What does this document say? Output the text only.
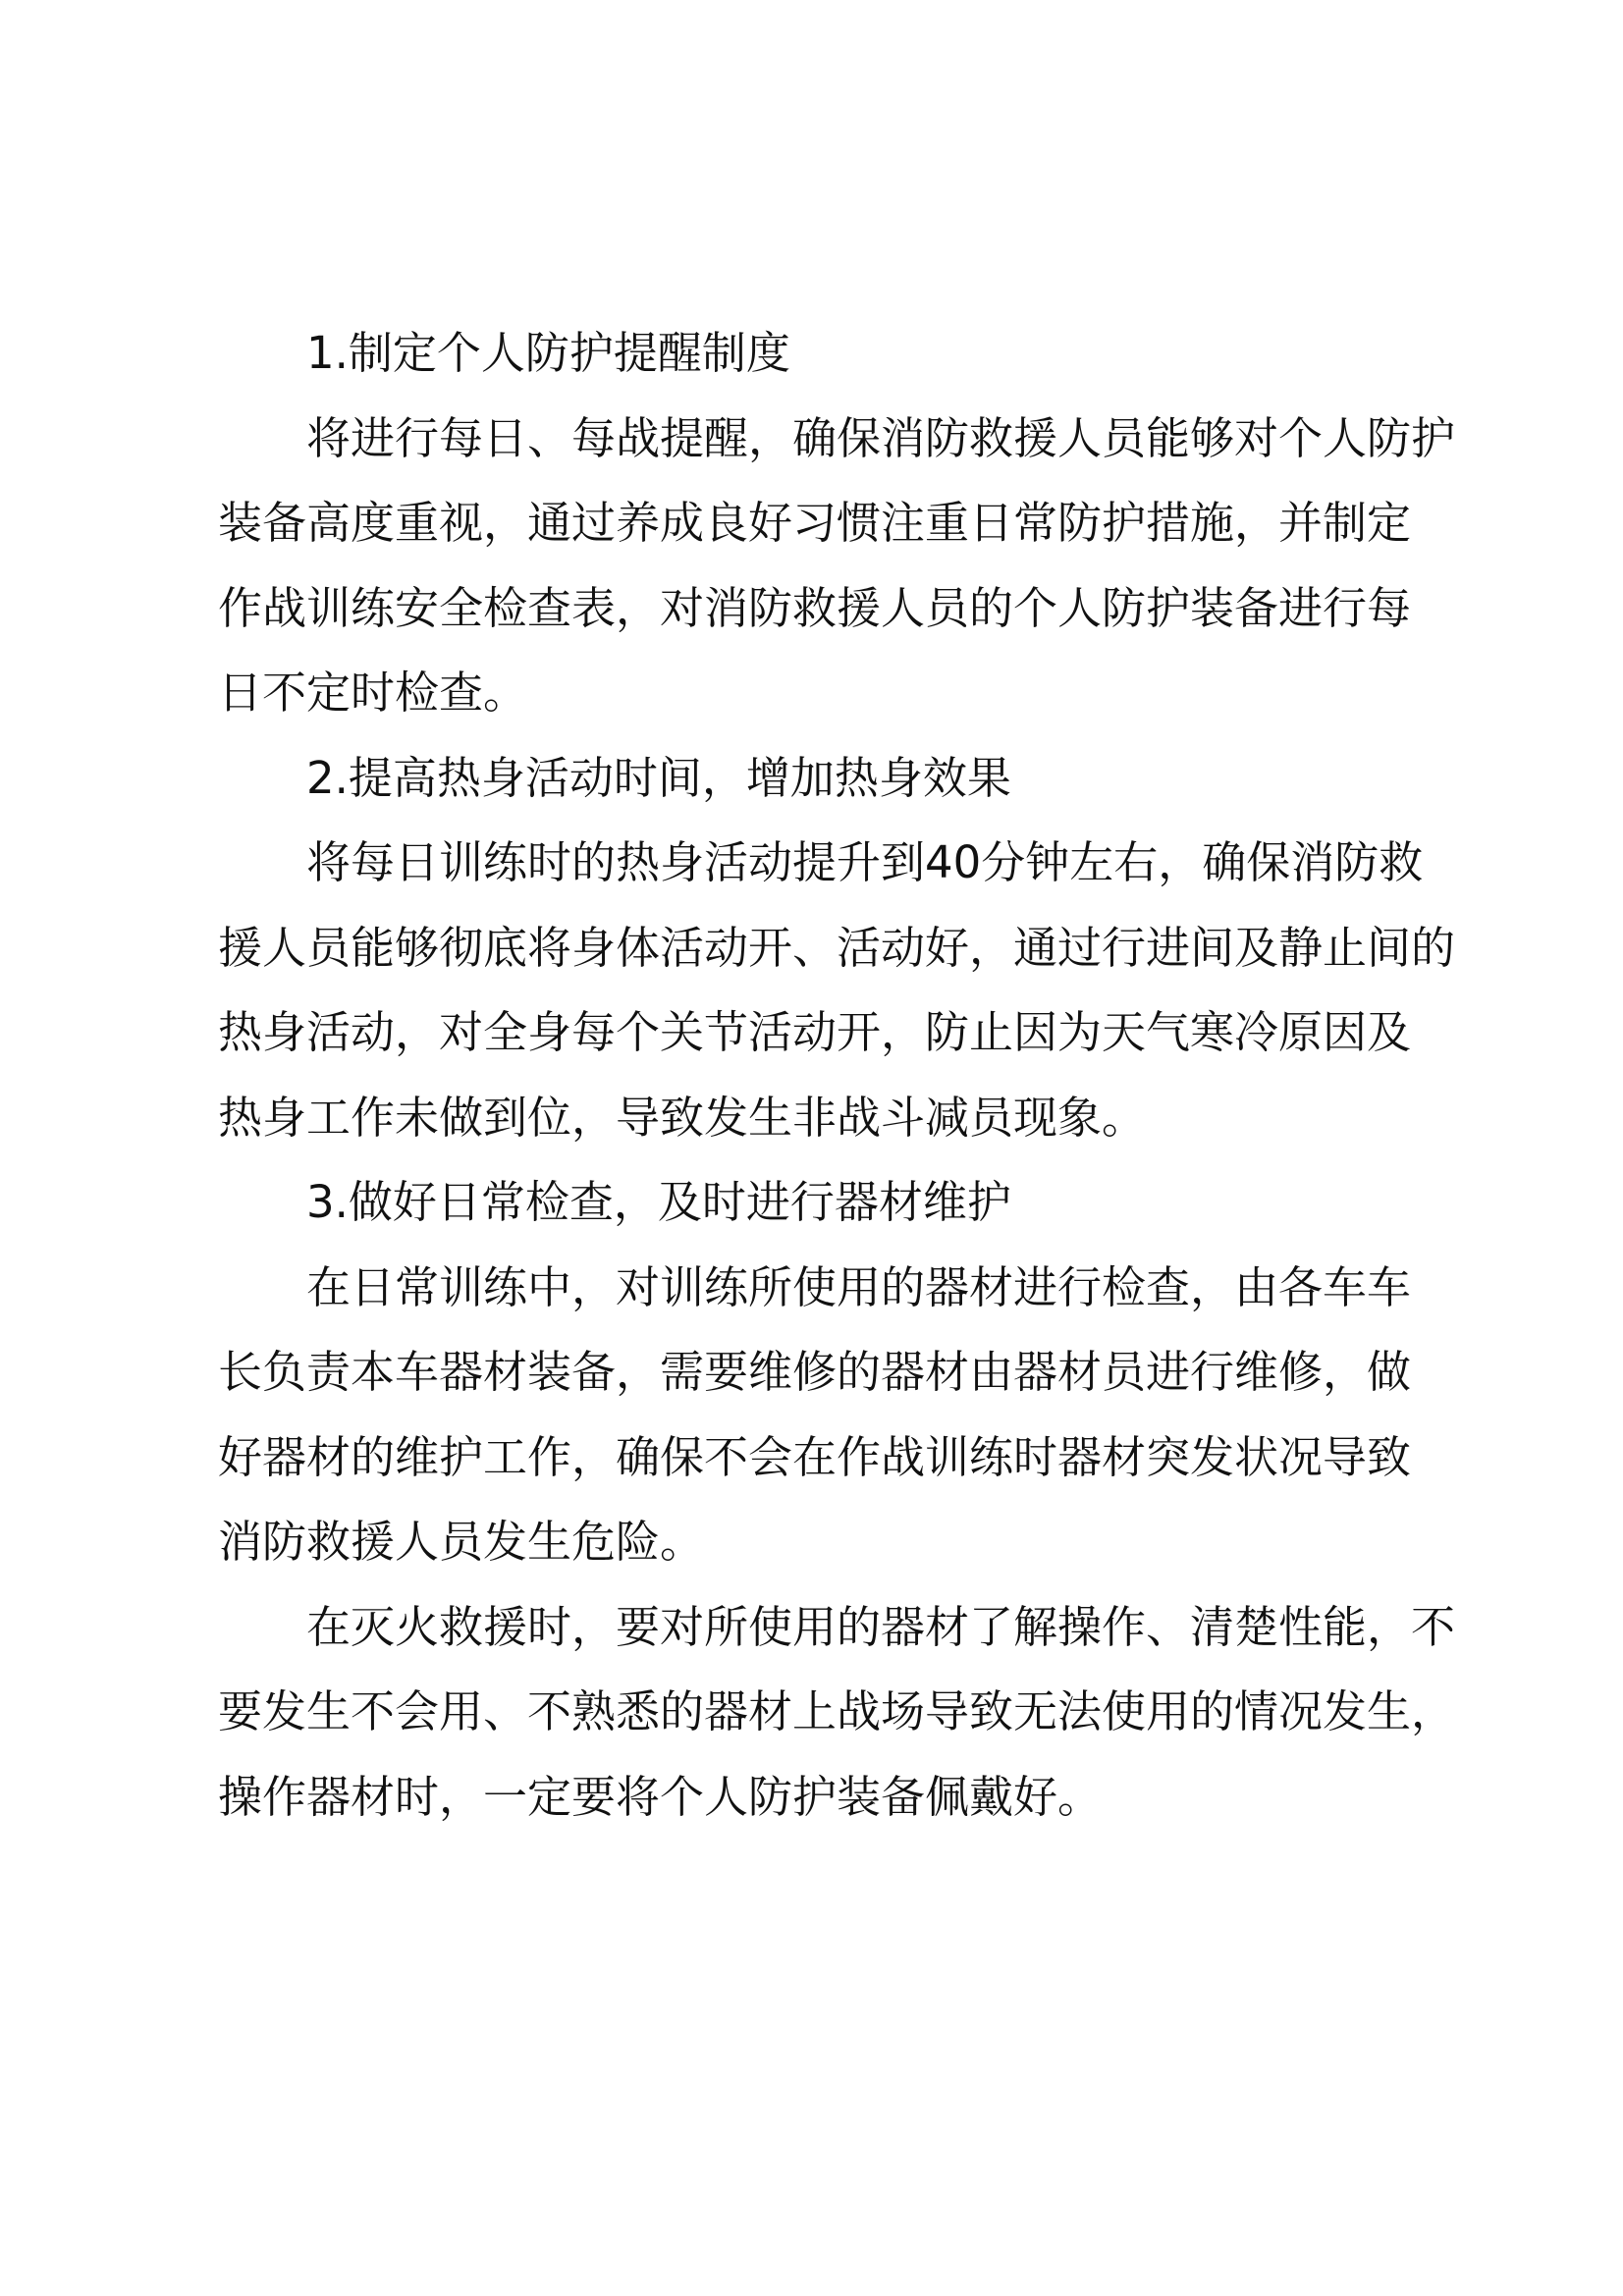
1.制定个人防护提醒制度
将进行每日、每战提醒，确保消防救援人员能够对个人防护
装备高度重视，通过养成良好习惯注重日常防护措施，并制定
作战训练安全检查表，对消防救援人员的个人防护装备进行每
日不定时检查。
2.提高热身活动时间，增加热身效果
将每日训练时的热身活动提升到40分钟左右，确保消防救
援人员能够彻底将身体活动开、活动好，通过行进间及静止间的
热身活动，对全身每个关节活动开，防止因为天气寒冷原因及
热身工作未做到位，导致发生非战斗减员现象。
3.做好日常检查，及时进行器材维护
在日常训练中，对训练所使用的器材进行检查，由各车车
长负责本车器材装备，需要维修的器材由器材员进行维修，做
好器材的维护工作，确保不会在作战训练时器材突发状况导致
消防救援人员发生危险。
在灭火救援时，要对所使用的器材了解操作、清楚性能，不
要发生不会用、不熟悉的器材上战场导致无法使用的情况发生，
操作器材时，一定要将个人防护装备佩戴好。
